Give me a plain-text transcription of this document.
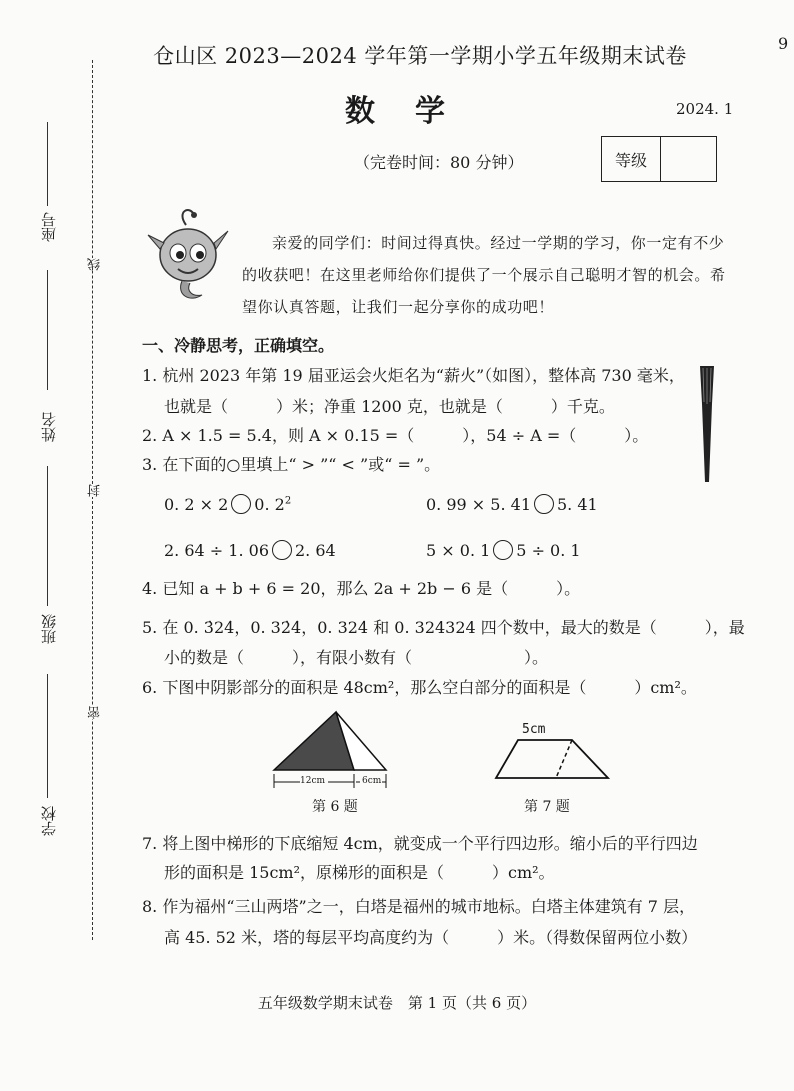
线
封
密
座号
姓名
班级
学校
9
仓山区 2023—2024 学年第一学期小学五年级期末试卷
数学	2024. 1
（完卷时间：80 分钟）	等级
亲爱的同学们：时间过得真快。经过一学期的学习，你一定有不少的收获吧！在这里老师给你们提供了一个展示自己聪明才智的机会。希望你认真答题，让我们一起分享你的成功吧！
一、冷静思考，正确填空。
1. 杭州 2023 年第 19 届亚运会火炬名为“薪火”（如图），整体高 730 毫米，
也就是（　　　）米；净重 1200 克，也就是（　　　）千克。
2. A × 1.5 = 5.4，则 A × 0.15 =（　　　），54 ÷ A =（　　　）。
3. 在下面的○里填上“ > ”“ < ”或“ = ”。
0. 2 × 2 0. $2^2$	0. 99 × 5. 41 5. 41
2. 64 ÷ 1. 06 2. 64	5 × 0. 1 5 ÷ 0. 1
4. 已知 a + b + 6 = 20，那么 2a + 2b − 6 是（　　　）。
5. 在 0. 3̇24̇，0. 32̇4̇，0. 324̇ 和 0. 324324 四个数中，最大的数是（　　　），最
小的数是（　　　），有限小数有（　　　　　　　）。
6. 下图中阴影部分的面积是 48cm²，那么空白部分的面积是（　　　）cm²。
12cm	6cm
第 6 题
5cm
第 7 题
7. 将上图中梯形的下底缩短 4cm，就变成一个平行四边形。缩小后的平行四边
形的面积是 15cm²，原梯形的面积是（　　　）cm²。
8. 作为福州“三山两塔”之一，白塔是福州的城市地标。白塔主体建筑有 7 层，
高 45. 52 米，塔的每层平均高度约为（　　　）米。（得数保留两位小数）
五年级数学期末试卷　第 1 页（共 6 页）
